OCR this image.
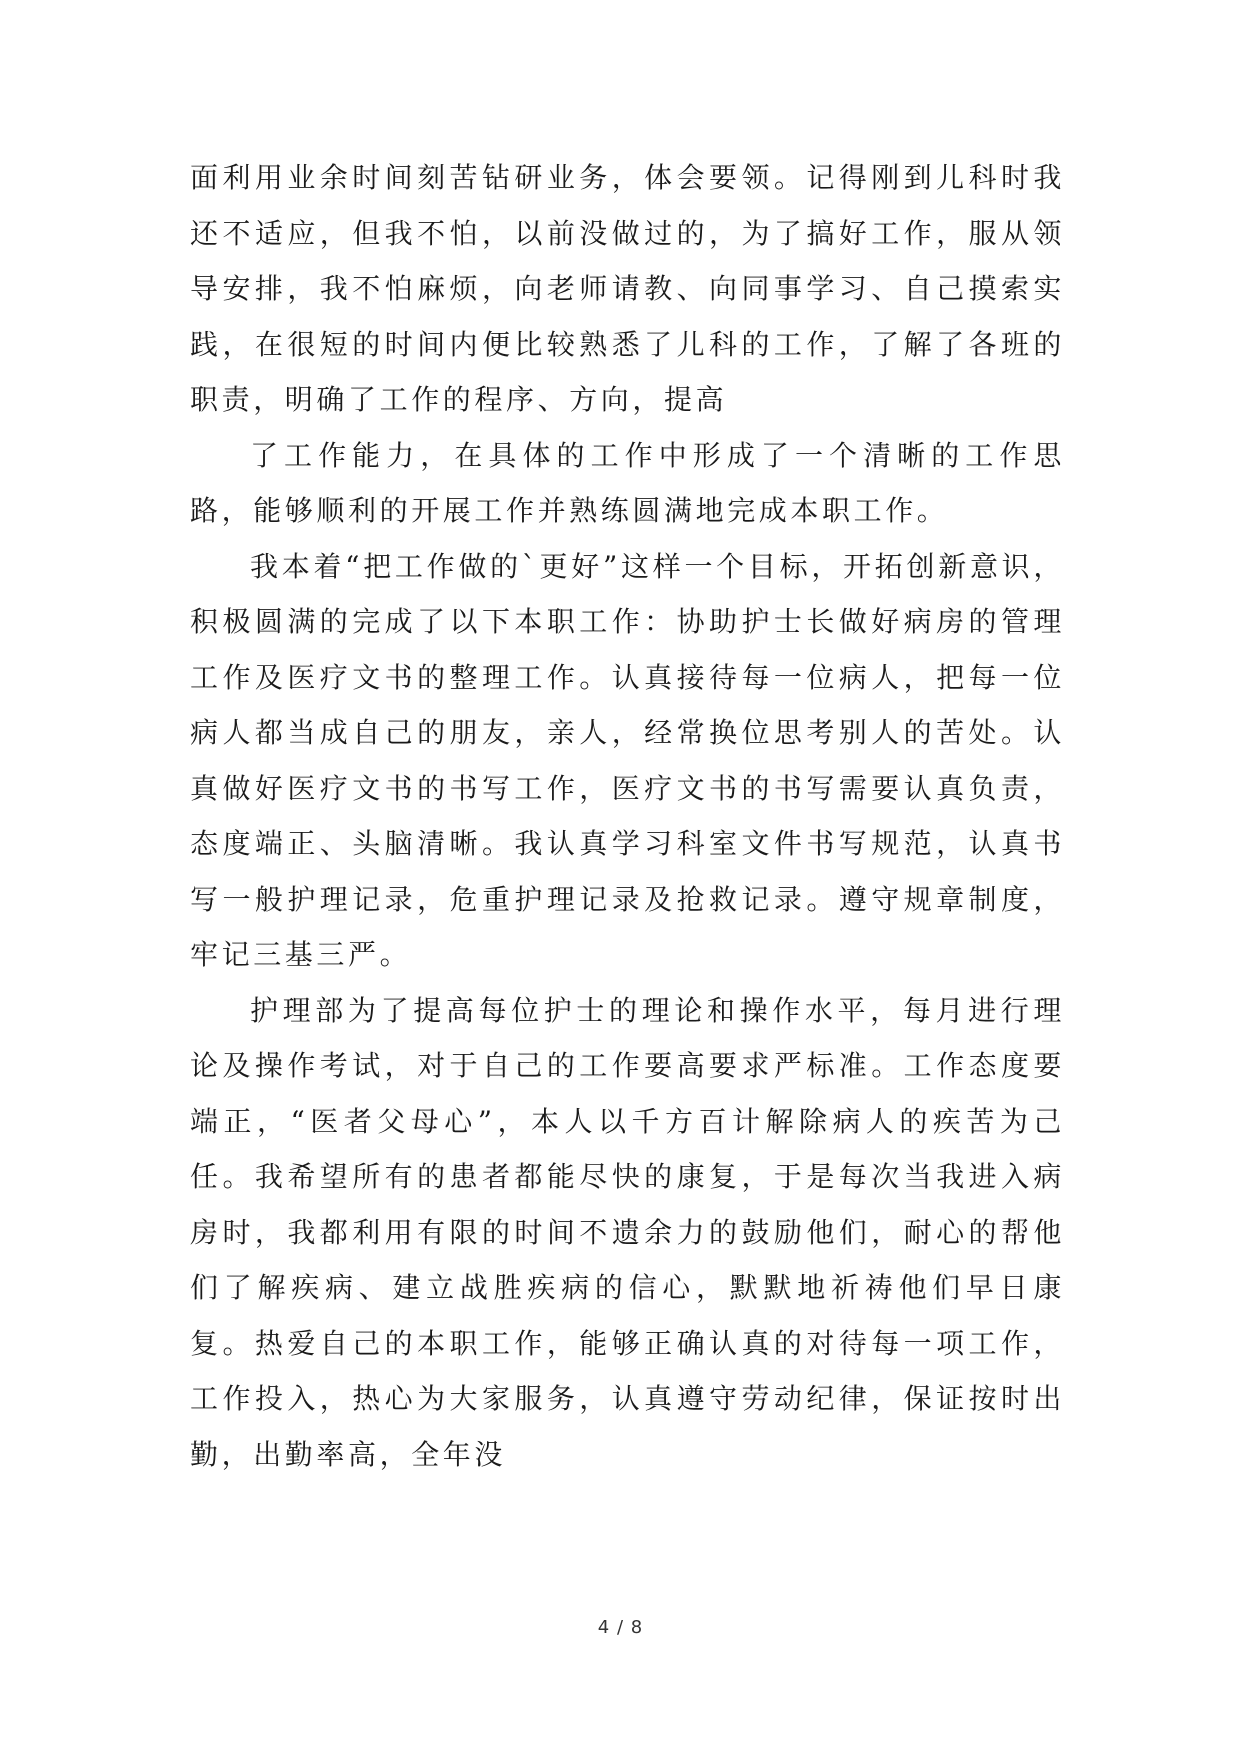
面利用业余时间刻苦钻研业务，体会要领。记得刚到儿科时我还不适应，但我不怕，以前没做过的，为了搞好工作，服从领导安排，我不怕麻烦，向老师请教、向同事学习、自己摸索实践，在很短的时间内便比较熟悉了儿科的工作，了解了各班的职责，明确了工作的程序、方向，提高

了工作能力，在具体的工作中形成了一个清晰的工作思路，能够顺利的开展工作并熟练圆满地完成本职工作。

我本着“把工作做的`更好”这样一个目标，开拓创新意识，积极圆满的完成了以下本职工作：协助护士长做好病房的管理工作及医疗文书的整理工作。认真接待每一位病人，把每一位病人都当成自己的朋友，亲人，经常换位思考别人的苦处。认真做好医疗文书的书写工作，医疗文书的书写需要认真负责，态度端正、头脑清晰。我认真学习科室文件书写规范，认真书写一般护理记录，危重护理记录及抢救记录。遵守规章制度，牢记三基三严。

护理部为了提高每位护士的理论和操作水平，每月进行理论及操作考试，对于自己的工作要高要求严标准。工作态度要端正，“医者父母心”，本人以千方百计解除病人的疾苦为己任。我希望所有的患者都能尽快的康复，于是每次当我进入病房时，我都利用有限的时间不遗余力的鼓励他们，耐心的帮他们了解疾病、建立战胜疾病的信心，默默地祈祷他们早日康复。热爱自己的本职工作，能够正确认真的对待每一项工作，工作投入，热心为大家服务，认真遵守劳动纪律，保证按时出勤，出勤率高，全年没

4 / 8
